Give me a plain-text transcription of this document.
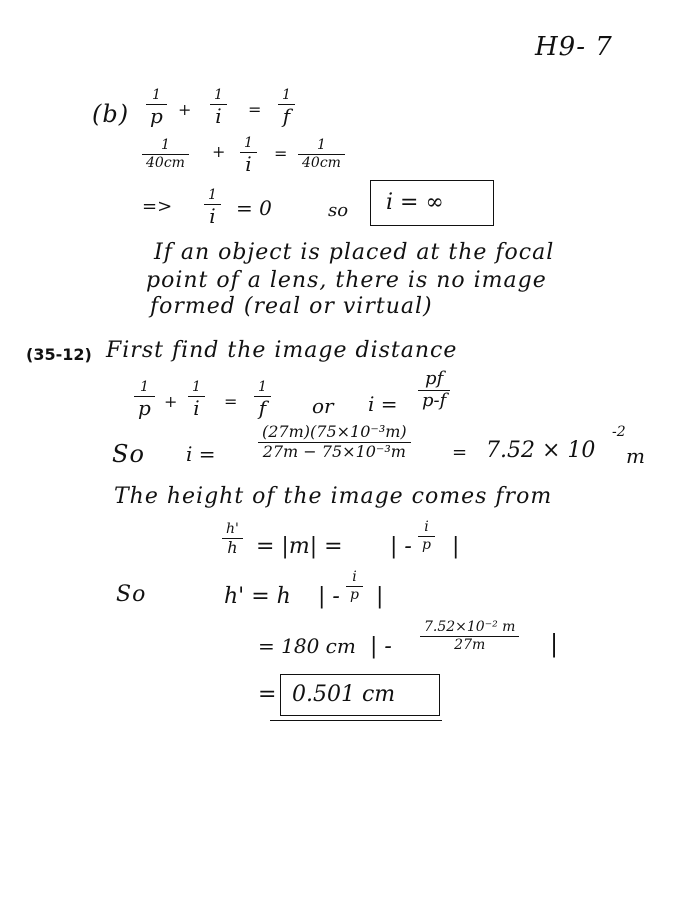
H9- 7
(b)
1
p +
1
i =
1
f
1
40cm
+ 1
i = 1
40cm
=>
1
i = 0	so i = ∞
If an object is placed at the focal
point of a lens, there is no image
formed (real or virtual)
(35-12) First find the image distance
1
p +
1
i =
1
f or i =
pf
p-f
So i =
(27m)(75×10⁻³m)
27m − 75×10⁻³m	= 7.52 × 10
-2
m
The height of the image comes from
h'
h = |m| = | -
i
p |
So	h' = h | -
i
p |
= 180 cm | -
7.52×10⁻² m
27m	|
= 0.501 cm
